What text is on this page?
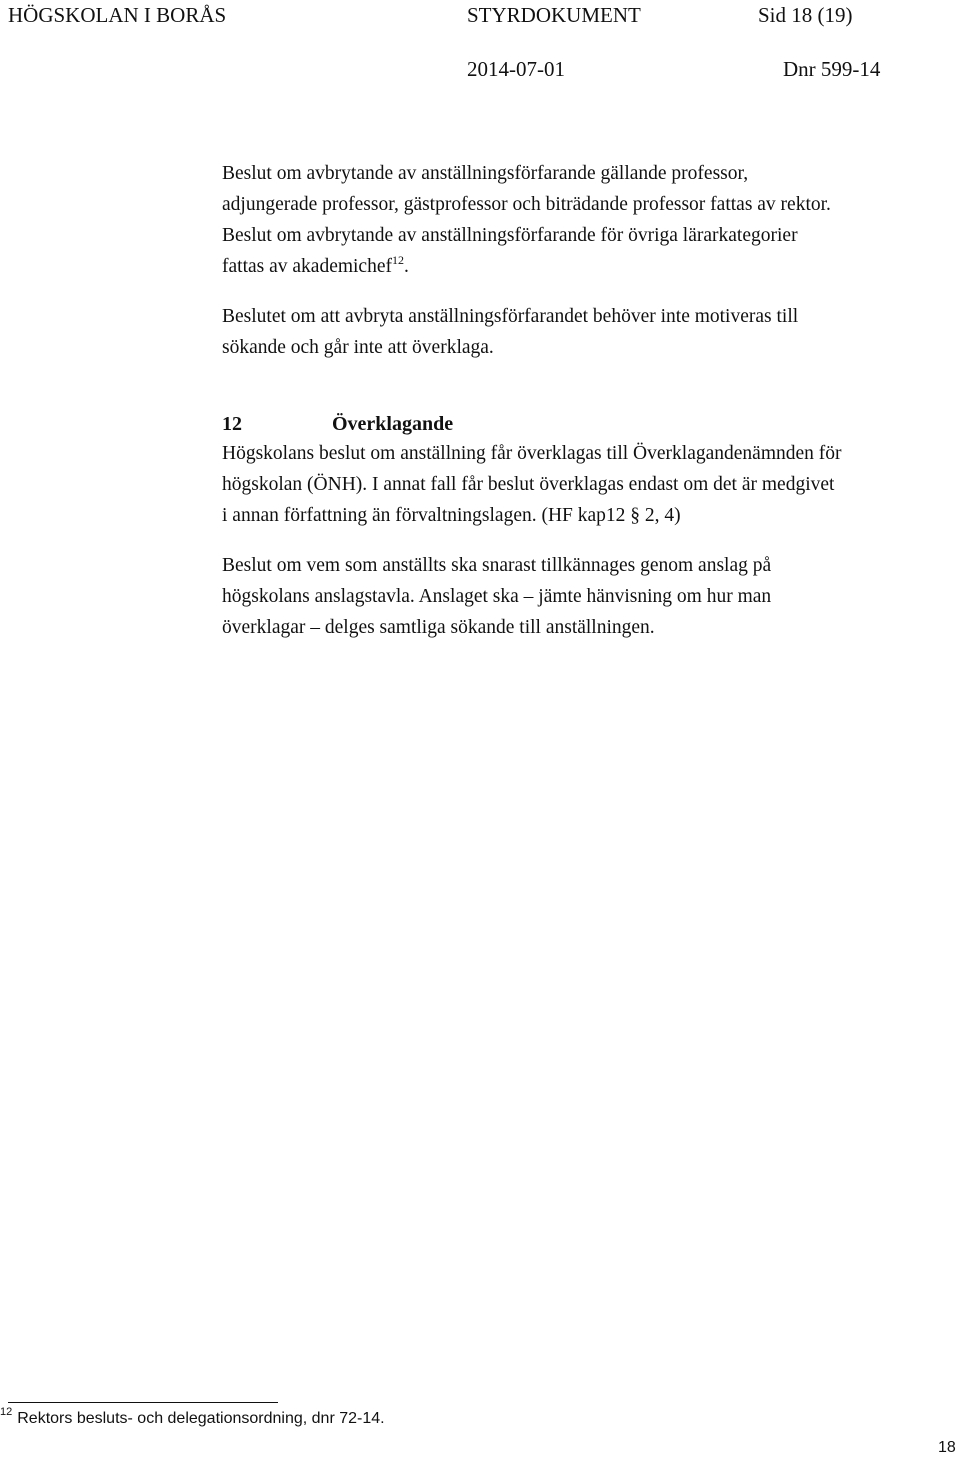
HÖGSKOLAN I BORÅS	STYRDOKUMENT	Sid 18 (19)
2014-07-01	Dnr 599-14
Beslut om avbrytande av anställningsförfarande gällande professor,
adjungerade professor, gästprofessor och biträdande professor fattas av rektor.
Beslut om avbrytande av anställningsförfarande för övriga lärarkategorier
fattas av akademichef$^{12}$.
Beslutet om att avbryta anställningsförfarandet behöver inte motiveras till
sökande och går inte att överklaga.
12	Överklagande
Högskolans beslut om anställning får överklagas till Överklagandenämnden för
högskolan (ÖNH). I annat fall får beslut överklagas endast om det är medgivet
i annan författning än förvaltningslagen. (HF kap12 § 2, 4)
Beslut om vem som anställts ska snarast tillkännages genom anslag på
högskolans anslagstavla. Anslaget ska – jämte hänvisning om hur man
överklagar – delges samtliga sökande till anställningen.
$^{12}$ Rektors besluts- och delegationsordning, dnr 72-14.
18
